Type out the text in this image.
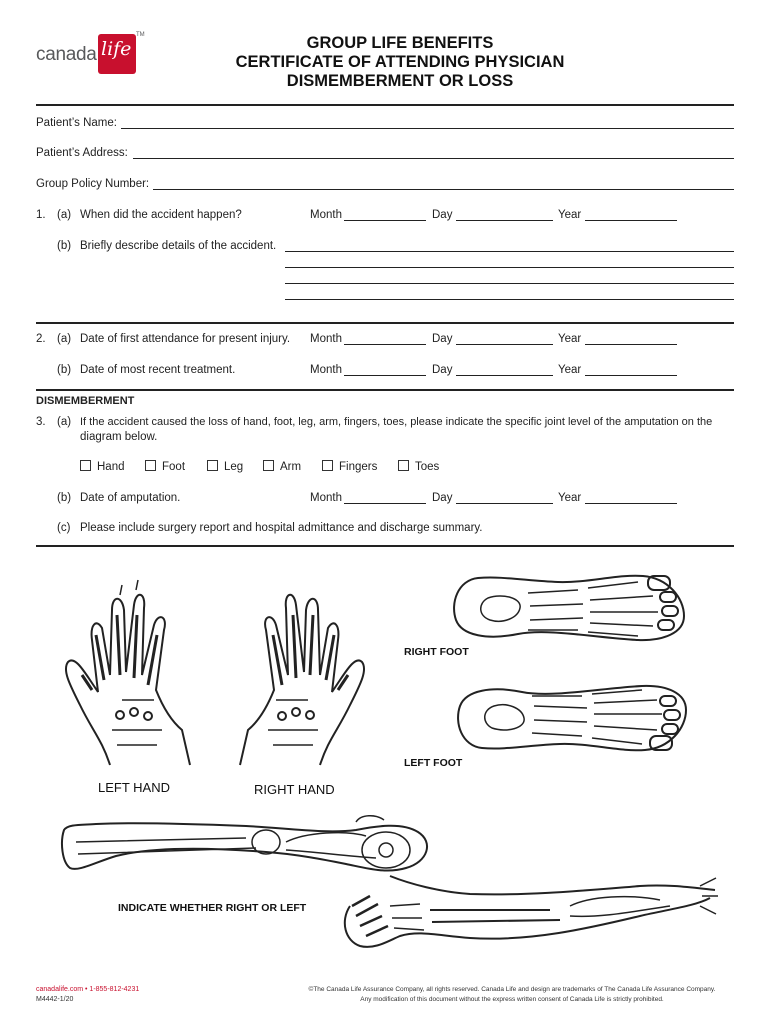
canada life
TM	GROUP LIFE BENEFITS
CERTIFICATE OF ATTENDING PHYSICIAN
DISMEMBERMENT OR LOSS
Patient’s Name:
Patient’s Address:
Group Policy Number:
1. (a) When did the accident happen?	Month	Day	Year
(b) Briefly describe details of the accident.
2. (a) Date of first attendance for present injury. Month	Day	Year
(b) Date of most recent treatment.	Month	Day	Year
DISMEMBERMENT
3. (a) If the accident caused the loss of hand, foot, leg, arm, fingers, toes, please indicate the specific joint level of the amputation on the
diagram below.
Hand	Foot	Leg	Arm	Fingers	Toes
(b) Date of amputation.	Month	Day	Year
(c) Please include surgery report and hospital admittance and discharge summary.
LEFT HAND	RIGHT HAND
RIGHT FOOT
LEFT FOOT
INDICATE WHETHER RIGHT OR LEFT
canadalife.com • 1-855-812-4231
M4442-1/20
©The Canada Life Assurance Company, all rights reserved. Canada Life and design are trademarks of The Canada Life Assurance Company.
Any modification of this document without the express written consent of Canada Life is strictly prohibited.
